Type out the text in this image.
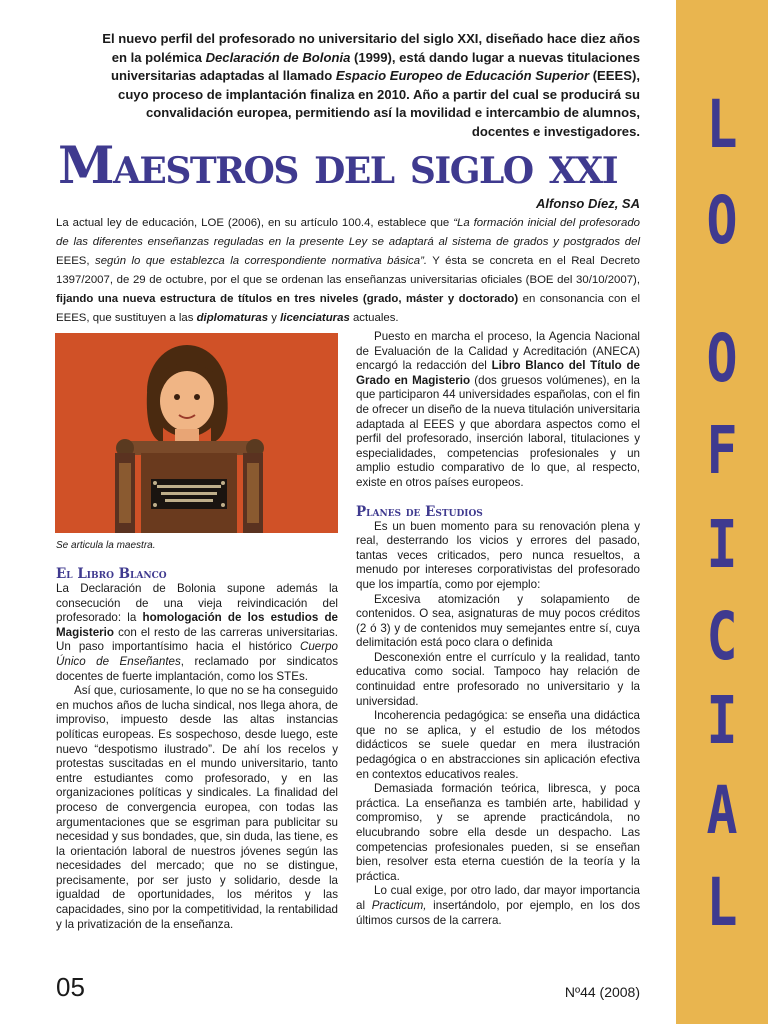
L
O
O
F
I
C
I
A
L
El nuevo perfil del profesorado no universitario del siglo XXI, diseñado hace diez años en la polémica Declaración de Bolonia (1999), está dando lugar a nuevas titulaciones universitarias adaptadas al llamado Espacio Europeo de Educación Superior (EEES), cuyo proceso de implantación finaliza en 2010. Año a partir del cual se producirá su convalidación europea, permitiendo así la movilidad e intercambio de alumnos, docentes e investigadores.
Maestros del siglo xxi
Alfonso Díez, SA
La actual ley de educación, LOE (2006), en su artículo 100.4, establece que “La formación inicial del profesorado de las diferentes enseñanzas reguladas en la presente Ley se adaptará al sistema de grados y postgrados del EEES, según lo que establezca la correspondiente normativa básica”. Y ésta se concreta en el Real Decreto 1397/2007, de 29 de octubre, por el que se ordenan las enseñanzas universitarias oficiales (BOE del 30/10/2007), fijando una nueva estructura de títulos en tres niveles (grado, máster y doctorado) en consonancia con el EEES, que sustituyen a las diplomaturas y licenciaturas actuales.
Se articula la maestra.
El Libro Blanco

La Declaración de Bolonia supone además la consecución de una vieja reivindicación del profesorado: la homologación de los estudios de Magisterio con el resto de las carreras universitarias. Un paso importantísimo hacia el histórico Cuerpo Único de Enseñantes, reclamado por sindicatos docentes de fuerte implantación, como los STEs.

Así que, curiosamente, lo que no se ha conseguido en muchos años de lucha sindical, nos llega ahora, de improviso, impuesto desde las altas instancias políticas europeas. Es sospechoso, desde luego, este nuevo “despotismo ilustrado”. De ahí los recelos y protestas suscitadas en el mundo universitario, tanto entre estudiantes como profesorado, y en las organizaciones políticas y sindicales. La finalidad del proceso de convergencia europea, con todas las argumentaciones que se esgriman para publicitar su necesidad y sus bondades, que, sin duda, las tiene, es la orientación laboral de nuestros jóvenes según las necesidades del mercado; que no se distingue, precisamente, por ser justo y solidario, desde la igualdad de oportunidades, los méritos y las capacidades, sino por la competitividad, la rentabilidad y la privatización de la enseñanza.

Puesto en marcha el proceso, la Agencia Nacional de Evaluación de la Calidad y Acreditación (ANECA) encargó la redacción del Libro Blanco del Título de Grado en Magisterio (dos gruesos volúmenes), en la que participaron 44 universidades españolas, con el fin de ofrecer un diseño de la nueva titulación universitaria adaptada al EEES y que abordara aspectos como el perfil del profesorado, inserción laboral, titulaciones y especialidades, competencias profesionales y un amplio estudio comparativo de lo que, al respecto, existe en otros países europeos.

Planes de Estudios

Es un buen momento para su renovación plena y real, desterrando los vicios y errores del pasado, tantas veces criticados, pero nunca resueltos, a menudo por intereses corporativistas del profesorado que los impartía, como por ejemplo:

Excesiva atomización y solapamiento de contenidos. O sea, asignaturas de muy pocos créditos (2 ó 3) y de contenidos muy semejantes entre sí, cuya delimitación está poco clara o definida

Desconexión entre el currículo y la realidad, tanto educativa como social. Tampoco hay relación de continuidad entre profesorado no universitario y la universidad.

Incoherencia pedagógica: se enseña una didáctica que no se aplica, y el estudio de los métodos didácticos se suele quedar en mera ilustración pedagógica o en abstracciones sin aplicación efectiva en contextos educativos reales.

Demasiada formación teórica, libresca, y poca práctica. La enseñanza es también arte, habilidad y compromiso, y se aprende practicándola, no elucubrando sobre ella desde un despacho. Las competencias profesionales pueden, si se enseñan bien, resolver esta eterna cuestión de la teoría y la práctica.

Lo cual exige, por otro lado, dar mayor importancia al Practicum, insertándolo, por ejemplo, en los dos últimos cursos de la carrera.

05	Nº44 (2008)
